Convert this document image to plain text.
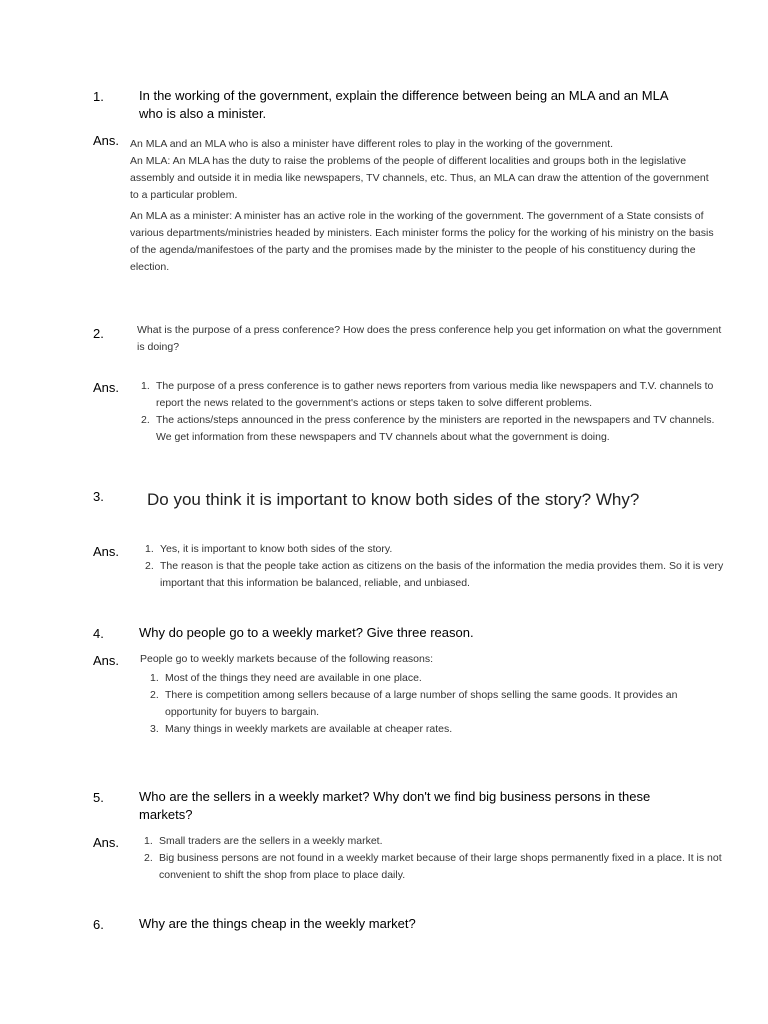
1.	In the working of the government, explain the difference between being an MLA and an MLA who is also a minister.
Ans. An MLA and an MLA who is also a minister have different roles to play in the working of the government.

An MLA: An MLA has the duty to raise the problems of the people of different localities and groups both in the legislative assembly and outside it in media like newspapers, TV channels, etc. Thus, an MLA can draw the attention of the government to a particular problem.

An MLA as a minister: A minister has an active role in the working of the government. The government of a State consists of various departments/ministries headed by ministers. Each minister forms the policy for the working of his ministry on the basis of the agenda/manifestoes of the party and the promises made by the minister to the people of his constituency during the election.

2.	What is the purpose of a press conference? How does the press conference help you get information on what the government is doing?
Ans. 1. The purpose of a press conference is to gather news reporters from various media like newspapers and T.V. channels to report the news related to the government's actions or steps taken to solve different problems.
2. The actions/steps announced in the press conference by the ministers are reported in the newspapers and TV channels. We get information from these newspapers and TV channels about what the government is doing.
3.	Do you think it is important to know both sides of the story? Why?
Ans. 1. Yes, it is important to know both sides of the story.
2. The reason is that the people take action as citizens on the basis of the information the media provides them. So it is very important that this information be balanced, reliable, and unbiased.
4.	Why do people go to a weekly market? Give three reason.
Ans. People go to weekly markets because of the following reasons:

1. Most of the things they need are available in one place.
2. There is competition among sellers because of a large number of shops selling the same goods. It provides an opportunity for buyers to bargain.
3. Many things in weekly markets are available at cheaper rates.
5.	Who are the sellers in a weekly market? Why don't we find big business persons in these markets?
Ans. 1. Small traders are the sellers in a weekly market.
2. Big business persons are not found in a weekly market because of their large shops permanently fixed in a place. It is not convenient to shift the shop from place to place daily.
6.	Why are the things cheap in the weekly market?
